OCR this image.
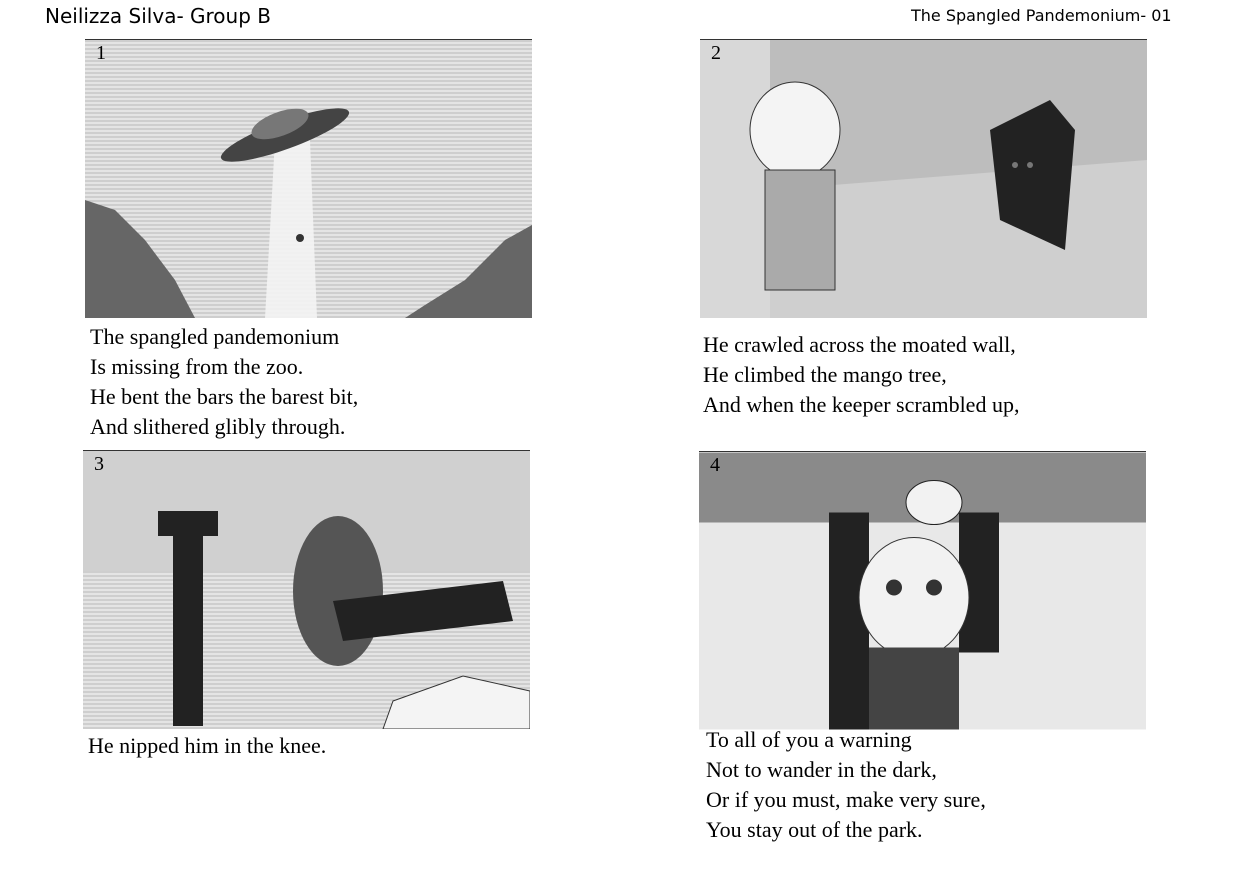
Neilizza Silva- Group B	The Spangled Pandemonium- 01
1
The spangled pandemonium
Is missing from the zoo.
He bent the bars the barest bit,
And slithered glibly through.
2
He crawled across the moated wall,
He climbed the mango tree,
And when the keeper scrambled up,
3
He nipped him in the knee.
4
To all of you a warning
Not to wander in the dark,
Or if you must, make very sure,
You stay out of the park.
